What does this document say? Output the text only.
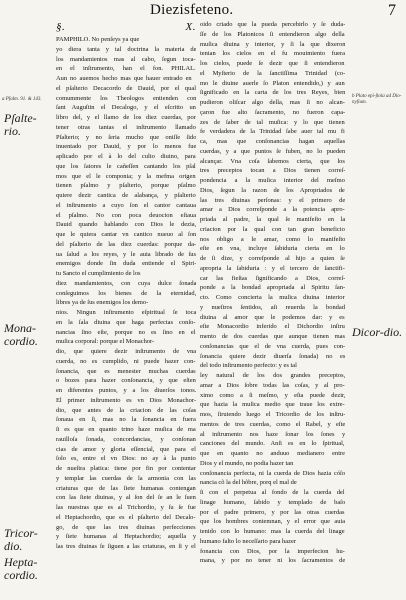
Diezisfeteno.	7
§. X.
PAMPHILO. No penſeys ya que
yo diera tanta y tal doctrina la materia de
los mandamientos mas al cabo, ſegun toca-
en el inſtrumento, han el fon. PHILAL.
Aun no auemos hecho mas que hauer entrado en
el pſalterio Decacordo de Dauid, por el qual
comummente los Theologos entienden con
ſant Auguſtin el Decalogo, y el eſcritto un
libro del, y el llamo de los diez cuerdas, por
tener otras tantas el inſtrumento llamado
Pſalterio; y no ſeria mucho que oniſſe ſido
inuentado por Dauid, y por lo menos fue
aplicado por el à lo del culto diuino, para
que los ſatores le cañeſſen cantando los pſal
mos que el le componia; y la mefma origen
tienen pſalmo y pſalterio, porque pſalmo
quiere dezir cantica de alabança, y pſalterio
el inſtrumento a cuyo ſon el cantor cantaua
el pſalmo. No con poca deuocion eſtaua
Dauid quando hablando con Dios le dezia,
que le quiera cantar vn cantico nueuo al ſon
del pſalterio de las diez cuerdas: porque da-
ua ſalud a los reyes, y le auia librado de ſus
enemigos donde ſin duda entiende el Spiri-
tu Sancto el cumplimiento de los
diez mandamientos, con cuya dulce ſonada
conſeguimos los bienes de la eternidad,
libres ya de ſus enemigos los demo-
nios. Ningun inſtrumento eſpiritual ſe toca
en la ſala diuina que haga perfectas conſo-
nancias ſino eſte, porque no es ſino en el
muſica corporal: porque el Monachor-
dio, que quiere dezir inſtrumento de vna
cuerda, no es cumplido, ni puede hazer con-
ſonancia, que es menester muchas cuerdas
o bozes para hazer conſonancia, y que eſten
en diferentes puntos, y a los diuerſos tonos.
El primer inſtrumento es vn Dios Monachor-
dio, que antes de la criacion de las coſas
ſonaua en ſi, mas no la ſonancia en fuera
ſi es que en quanto trino haze muſica de ma
rauilloſa ſonada, concordancias, y conſonan
cias de amor y gloria eſſencial, que para el
ſolo es, entre el vn Dios: no ay à la punto
de nueſtra platica: tiene por fin por contentar
y templar las cuerdas de la armonia con las
criaturas que de las ſiete humanas contengan
con las ſiete diuinas, y al ſon del ſe an le ſuen
las nuestras que es al Trichordio, y ſu ſe fue
el Heptachordio, que es el pſalterio del Decalo-
go, de que las tres diuinas perfecciones
y ſiete humanas al Heptachordio; aquella y
las tres diuinas ſe ſiguen a las criaturas, en ſi y el
oido criado que la pueda percebirlo y ſe duda-
ſſe de los Platonicos ſi entendieron algo della
muſica diuina y interior, y ſi la que dixeron
tenian los cielos en el fu mouimiento fuera
los cielos, puede ſe dezir que ſi entendieron
el Myſterio de la ſanctiſſima Trinidad (co-
mo le diuine auerle ſo Platon entendido,) y aun
ſignificado en la carta de los tres Reyes, bien
pudieron oliſcar algo della, mas ſi no alcan-
çaron fue alto ſacramento, no fueron capa-
zes de ſaber de tal muſica: y lo que tienen
fe verdadera de la Trinidad ſabe auer tal mu fi
ca, mas que conſonancias hagan aquellas
cuerdas, y a que puntos ſe fuben, no lo pueden
alcançar. Vna coſa ſabemos cierta, que los
tres preceptos tocan a Dios tienen correſ-
pondencia a la muſica interior del meſmo
Dios, ſegun la razon de los Apropriados de
las tres diuinas perſonas: y el primero de
amar a Dios correſponde a la potencia apro-
priada al padre, la qual ſe manifeſto en la
criacion por la qual con tan gran beneficio
nos obligo a le amar, como lo manifeſto
eſte en vna, incluye ſabiduria cierta en lo
de ſi dize, y correſponde al hijo a quien ſe
apropria la ſabiduria : y el tercero de ſanctifi-
car las fieſtas ſignificando a Dios, correſ-
ponde a la bondad apropriada al Spiritu ſan-
cto. Como concierta la muſica diuina interior
y nueſtros ſentidos, aſi reuerda la bondad
diuina al amor que le podemos dar: y es
eſte Monacordio inferido el Dichordio inſtru
mento de dos cuerdas que aunque tienen mas
conſonancias que el de vna cuerda, pues con-
ſonancia quiere dezir diuerſa ſonada) no es
del todo inſtrumento perfecto: y es tal
ley natural de los dos grandes preceptos,
amar a Dios ſobre todas las coſas, y al pro-
ximo como a ſi meſmo, y eſta puede dezir,
que hazia la muſica medio que traue los extre-
mos, ſiruiendo luego el Tricordio de los inſtru-
mentos de tres cuerdas, como el Rabel, y eſte
al inſtrumento nos haze ſonar los ſones y
canciones del mundo. Anſi es en lo ſpiritual,
que en quanto no anduuo medianero entre
Dios y el mundo, no podia hazer tan
conſonancia perfecta, ni la cuerda de Dios hazia cóſo
nancia cõ la del hõbre, porq el mal de
ſi con el perpetua al fondo de la cuerda del
linage humano, ſabido y templado de baſo
por el padre primero, y por las otras cuerdas
que los hombres contemnan, y el error que auia
tenido con lo humano: mas la cuerda del linage
humano falto lo neceſſario para hazer
fonancia con Dios, por la imperfecion hu-
mana, y por no tener ni los ſacramentos de
a Pſalm. 91. & 143.
Pſalte-rio.
Mona-cordio.
Tricor-dio.
Hepta-cordio.
b Plato epi-ſtola ad Dio-nyſium.
Dicor-dio.
